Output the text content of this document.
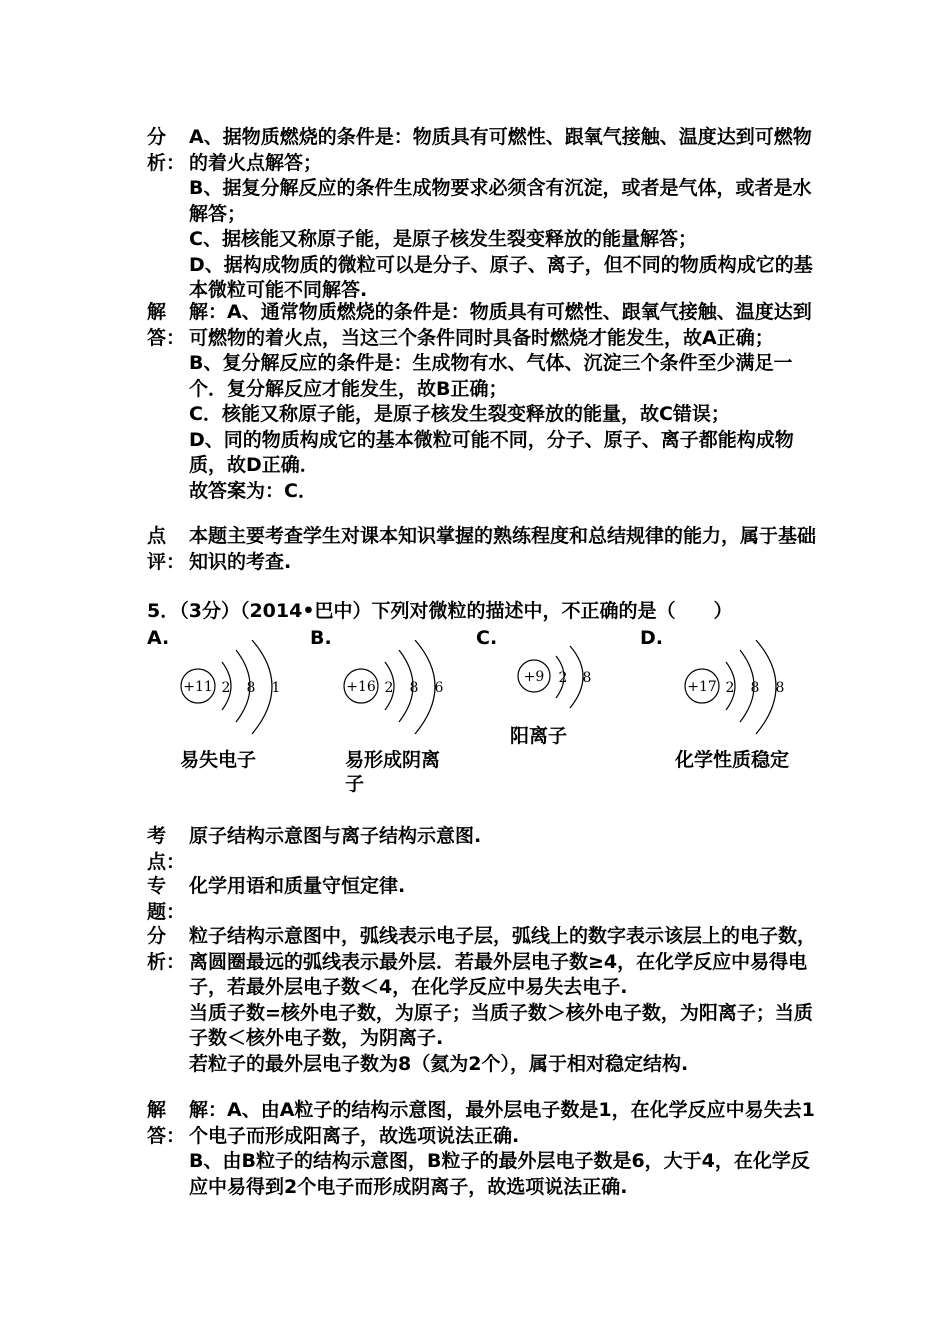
分析：

A、据物质燃烧的条件是：物质具有可燃性、跟氧气接触、温度达到可燃物的着火点解答；

B、据复分解反应的条件生成物要求必须含有沉淀，或者是气体，或者是水解答；

C、据核能又称原子能，是原子核发生裂变释放的能量解答；

D、据构成物质的微粒可以是分子、原子、离子，但不同的物质构成它的基本微粒可能不同解答.

解答：

解：A、通常物质燃烧的条件是：物质具有可燃性、跟氧气接触、温度达到可燃物的着火点，当这三个条件同时具备时燃烧才能发生，故A正确；

B、复分解反应的条件是：生成物有水、气体、沉淀三个条件至少满足一个．复分解反应才能发生，故B正确；

C．核能又称原子能，是原子核发生裂变释放的能量，故C错误；

D、同的物质构成它的基本微粒可能不同，分子、原子、离子都能构成物质，故D正确．

故答案为：C．

点评：

本题主要考查学生对课本知识掌握的熟练程度和总结规律的能力，属于基础知识的考查.

5．（3分）（2014•巴中）下列对微粒的描述中，不正确的是（　　）
A.	B.	C.	D.
+11 2 8 1	+16 2 8 6
+9 2 8
+17 2 8 8
易失电子	易形成阴离子
阳离子
化学性质稳定
考点：

原子结构示意图与离子结构示意图.

专题：

化学用语和质量守恒定律.

分析：

粒子结构示意图中，弧线表示电子层，弧线上的数字表示该层上的电子数，离圆圈最远的弧线表示最外层．若最外层电子数≥4，在化学反应中易得电子，若最外层电子数＜4，在化学反应中易失去电子.

当质子数=核外电子数，为原子；当质子数＞核外电子数，为阳离子；当质子数＜核外电子数，为阴离子.

若粒子的最外层电子数为8（氦为2个），属于相对稳定结构.

解答：

解：A、由A粒子的结构示意图，最外层电子数是1，在化学反应中易失去1个电子而形成阳离子，故选项说法正确.

B、由B粒子的结构示意图，B粒子的最外层电子数是6，大于4，在化学反应中易得到2个电子而形成阴离子，故选项说法正确.
